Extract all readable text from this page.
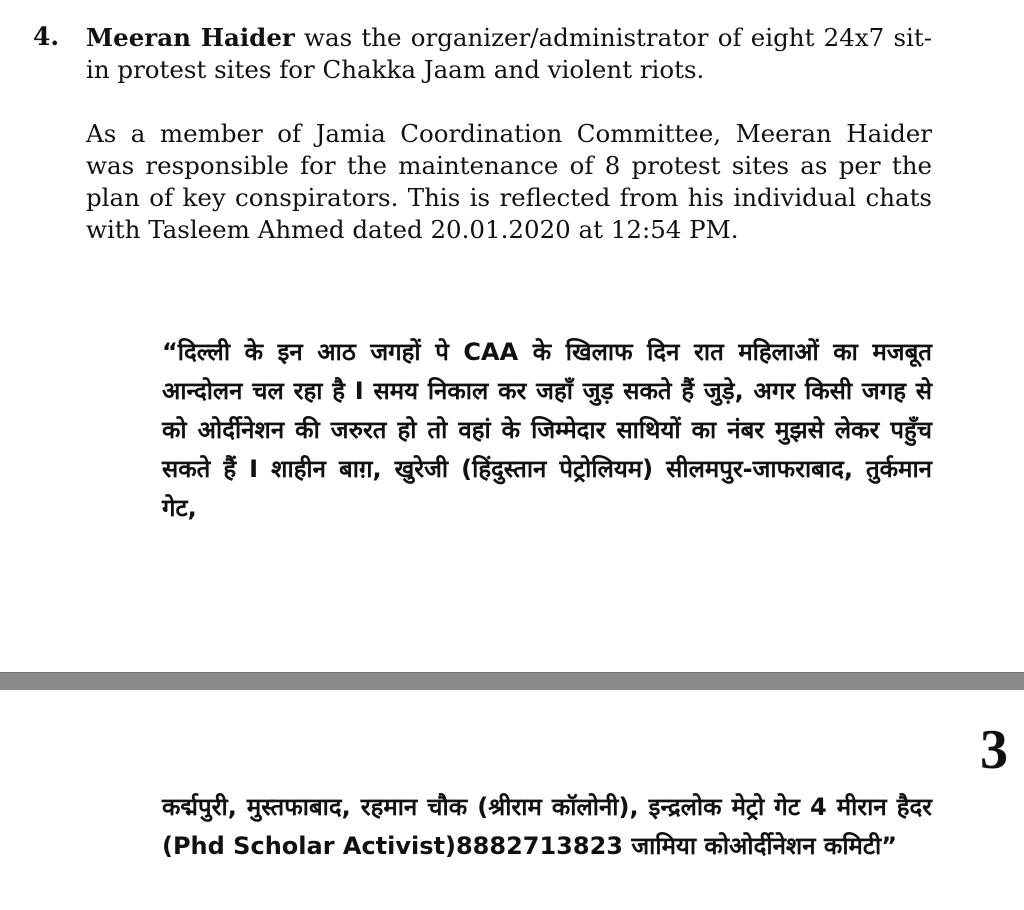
4. Meeran Haider was the organizer/administrator of eight 24x7 sit-in protest sites for Chakka Jaam and violent riots.

As a member of Jamia Coordination Committee, Meeran Haider was responsible for the maintenance of 8 protest sites as per the plan of key conspirators. This is reflected from his individual chats with Tasleem Ahmed dated 20.01.2020 at 12:54 PM.

“दिल्ली के इन आठ जगहों पे CAA के खिलाफ दिन रात महिलाओं का मजबूत आन्दोलन चल रहा है I समय निकाल कर जहाँ जुड़ सकते हैं जुड़े, अगर किसी जगह से को ओर्दीनेशन की जरुरत हो तो वहां के जिम्मेदार साथियों का नंबर मुझसे लेकर पहुँच सकते हैं I शाहीन बाग़, खुरेजी (हिंदुस्तान पेट्रोलियम) सीलमपुर-जाफराबाद, तुर्कमान गेट,

3

कर्द्मपुरी, मुस्तफाबाद, रहमान चौक (श्रीराम कॉलोनी), इन्द्रलोक मेट्रो गेट 4 मीरान हैदर (Phd Scholar Activist)8882713823 जामिया कोओर्दीनेशन कमिटी”
